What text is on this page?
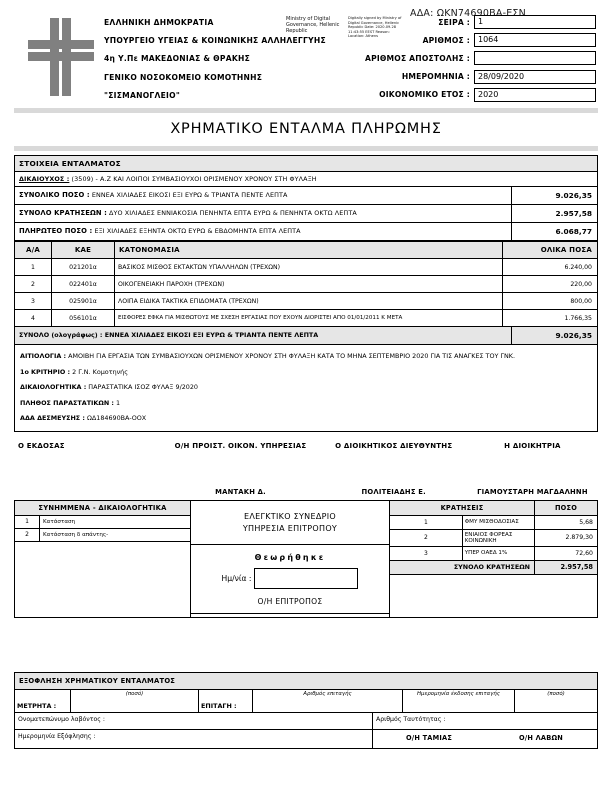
ΑΔΑ: ΩΚΝ74690ΒΑ-ΕΣΝ
ΕΛΛΗΝΙΚΗ ΔΗΜΟΚΡΑΤΙΑ
ΥΠΟΥΡΓΕΙΟ ΥΓΕΙΑΣ & ΚΟΙΝΩΝΙΚΗΣ ΑΛΛΗΛΕΓΓΥΗΣ
4η Υ.Πε ΜΑΚΕΔΟΝΙΑΣ & ΘΡΑΚΗΣ
ΓΕΝΙΚΟ ΝΟΣΟΚΟΜΕΙΟ ΚΟΜΟΤΗΝΗΣ
"ΣΙΣΜΑΝΟΓΛΕΙΟ"
Ministry of Digital Governance, Hellenic Republic
Digitally signed by Ministry of Digital Governance, Hellenic Republic Date: 2020.09.28 11:43:55 EEST Reason: Location: Athens
ΣΕΙΡΑ :	1
ΑΡΙΘΜΟΣ :	1064
ΑΡΙΘΜΟΣ ΑΠΟΣΤΟΛΗΣ :
ΗΜΕΡΟΜΗΝΙΑ :	28/09/2020
ΟΙΚΟΝΟΜΙΚΟ ΕΤΟΣ :	2020
ΧΡΗΜΑΤΙΚΟ ΕΝΤΑΛΜΑ ΠΛΗΡΩΜΗΣ
ΣΤΟΙΧΕΙΑ ΕΝΤΑΛΜΑΤΟΣ
ΔΙΚΑΙΟΥΧΟΣ : (3509) - Α.Ζ ΚΑΙ ΛΟΙΠΟΙ ΣΥΜΒΑΣΙΟΥΧΟΙ ΟΡΙΣΜΕΝΟΥ ΧΡΟΝΟΥ ΣΤΗ ΦΥΛΑΞΗ
ΣΥΝΟΛΙΚΟ ΠΟΣΟ : ΕΝΝΕΑ ΧΙΛΙΑΔΕΣ ΕΙΚΟΣΙ ΕΞΙ ΕΥΡΩ & ΤΡΙΑΝΤΑ ΠΕΝΤΕ ΛΕΠΤΑ	9.026,35
ΣΥΝΟΛΟ ΚΡΑΤΗΣΕΩΝ : ΔΥΟ ΧΙΛΙΑΔΕΣ ΕΝΝΙΑΚΟΣΙΑ ΠΕΝΗΝΤΑ ΕΠΤΑ ΕΥΡΩ & ΠΕΝΗΝΤΑ ΟΚΤΩ ΛΕΠΤΑ	2.957,58
ΠΛΗΡΩΤΕΟ ΠΟΣΟ : ΕΞΙ ΧΙΛΙΑΔΕΣ ΕΞΗΝΤΑ ΟΚΤΩ ΕΥΡΩ & ΕΒΔΟΜΗΝΤΑ ΕΠΤΑ ΛΕΠΤΑ	6.068,77
Α/Α	ΚΑΕ	ΚΑΤΟΝΟΜΑΣΙΑ	ΟΛΙΚΑ ΠΟΣΑ
1	021201α	ΒΑΣΙΚΟΣ ΜΙΣΘΟΣ ΕΚΤΑΚΤΩΝ ΥΠΑΛΛΗΛΩΝ (ΤΡΕΧΩΝ)	6.240,00
2	022401α	ΟΙΚΟΓΕΝΕΙΑΚΗ ΠΑΡΟΧΗ (ΤΡΕΧΩΝ)	220,00
3	025901α	ΛΟΙΠΑ ΕΙΔΙΚΑ ΤΑΚΤΙΚΑ ΕΠΙΔΟΜΑΤΑ (ΤΡΕΧΩΝ)	800,00
4	056101α	ΕΙΣΦΟΡΕΣ ΕΦΚΑ ΓΙΑ ΜΙΣΘΩΤΟΥΣ ΜΕ ΣΧΕΣΗ ΕΡΓΑΣΙΑΣ ΠΟΥ ΕΧΟΥΝ ΔΙΟΡΙΣΤΕΙ ΑΠΟ 01/01/2011 Κ ΜΕΤΑ	1.766,35
ΣΥΝΟΛΟ (ολογράφως) : ΕΝΝΕΑ ΧΙΛΙΑΔΕΣ ΕΙΚΟΣΙ ΕΞΙ ΕΥΡΩ & ΤΡΙΑΝΤΑ ΠΕΝΤΕ ΛΕΠΤΑ	9.026,35
ΑΙΤΙΟΛΟΓΙΑ : ΑΜΟΙΒΗ ΓΙΑ ΕΡΓΑΣΙΑ ΤΩΝ ΣΥΜΒΑΣΙΟΥΧΩΝ ΟΡΙΣΜΕΝΟΥ ΧΡΟΝΟΥ ΣΤΗ ΦΥΛΑΞΗ ΚΑΤΑ ΤΟ ΜΗΝΑ ΣΕΠΤΕΜΒΡΙΟ 2020 ΓΙΑ ΤΙΣ ΑΝΑΓΚΕΣ ΤΟΥ ΓΝΚ.
1ο ΚΡΙΤΗΡΙΟ : 2 Γ.Ν. Κομοτηνής
ΔΙΚΑΙΟΛΟΓΗΤΙΚΑ : ΠΑΡΑΣΤΑΤΙΚΑ ΙΣΟΖ ΦΥΛΑΞ 9/2020
ΠΛΗΘΟΣ ΠΑΡΑΣΤΑΤΙΚΩΝ : 1
ΑΔΑ ΔΕΣΜΕΥΣΗΣ : ΩΔ184690ΒΑ-ΟΟΧ
Ο ΕΚΔΟΣΑΣ	Ο/Η ΠΡΟΙΣΤ. ΟΙΚΟΝ. ΥΠΗΡΕΣΙΑΣ	Ο ΔΙΟΙΚΗΤΙΚΟΣ ΔΙΕΥΘΥΝΤΗΣ	Η ΔΙΟΙΚΗΤΡΙΑ
ΜΑΝΤΑΚΗ Δ.	ΠΟΛΙΤΕΙΑΔΗΣ Ε.	ΓΙΑΜΟΥΣΤΑΡΗ ΜΑΓΔΑΛΗΝΗ
ΣΥΝΗΜΜΕΝΑ - ΔΙΚΑΙΟΛΟΓΗΤΙΚΑ
1	Κατάσταση
2	Κατάσταση δ απάντης-
ΕΛΕΓΚΤΙΚΟ ΣΥΝΕΔΡΙΟ
ΥΠΗΡΕΣΙΑ ΕΠΙΤΡΟΠΟΥ
Θεωρήθηκε
Ημ/νία :
Ο/Η ΕΠΙΤΡΟΠΟΣ
ΚΡΑΤΗΣΕΙΣ		ΠΟΣΟ
1	ΦΜΥ ΜΙΣΘΟΔΟΣΙΑΣ	5,68
2	ΕΝΙΑΙΟΣ ΦΟΡΕΑΣ ΚΟΙΝΩΝΙΚΗ	2.879,30
3	ΥΠΕΡ ΟΑΕΔ 1%	72,60
ΣΥΝΟΛΟ ΚΡΑΤΗΣΕΩΝ		2.957,58
ΕΞΟΦΛΗΣΗ ΧΡΗΜΑΤΙΚΟΥ ΕΝΤΑΛΜΑΤΟΣ
ΜΕΤΡΗΤΑ :
(ποσό)
ΕΠΙΤΑΓΗ :
Αριθμός επιταγής	Ημερομηνία έκδοσης επιταγής	(ποσό)
Ονοματεπώνυμο λαβόντος :	Αριθμός Ταυτότητας :
Ημερομηνία Εξόφλησης :	Ο/Η ΤΑΜΙΑΣ	Ο/Η ΛΑΒΩΝ
